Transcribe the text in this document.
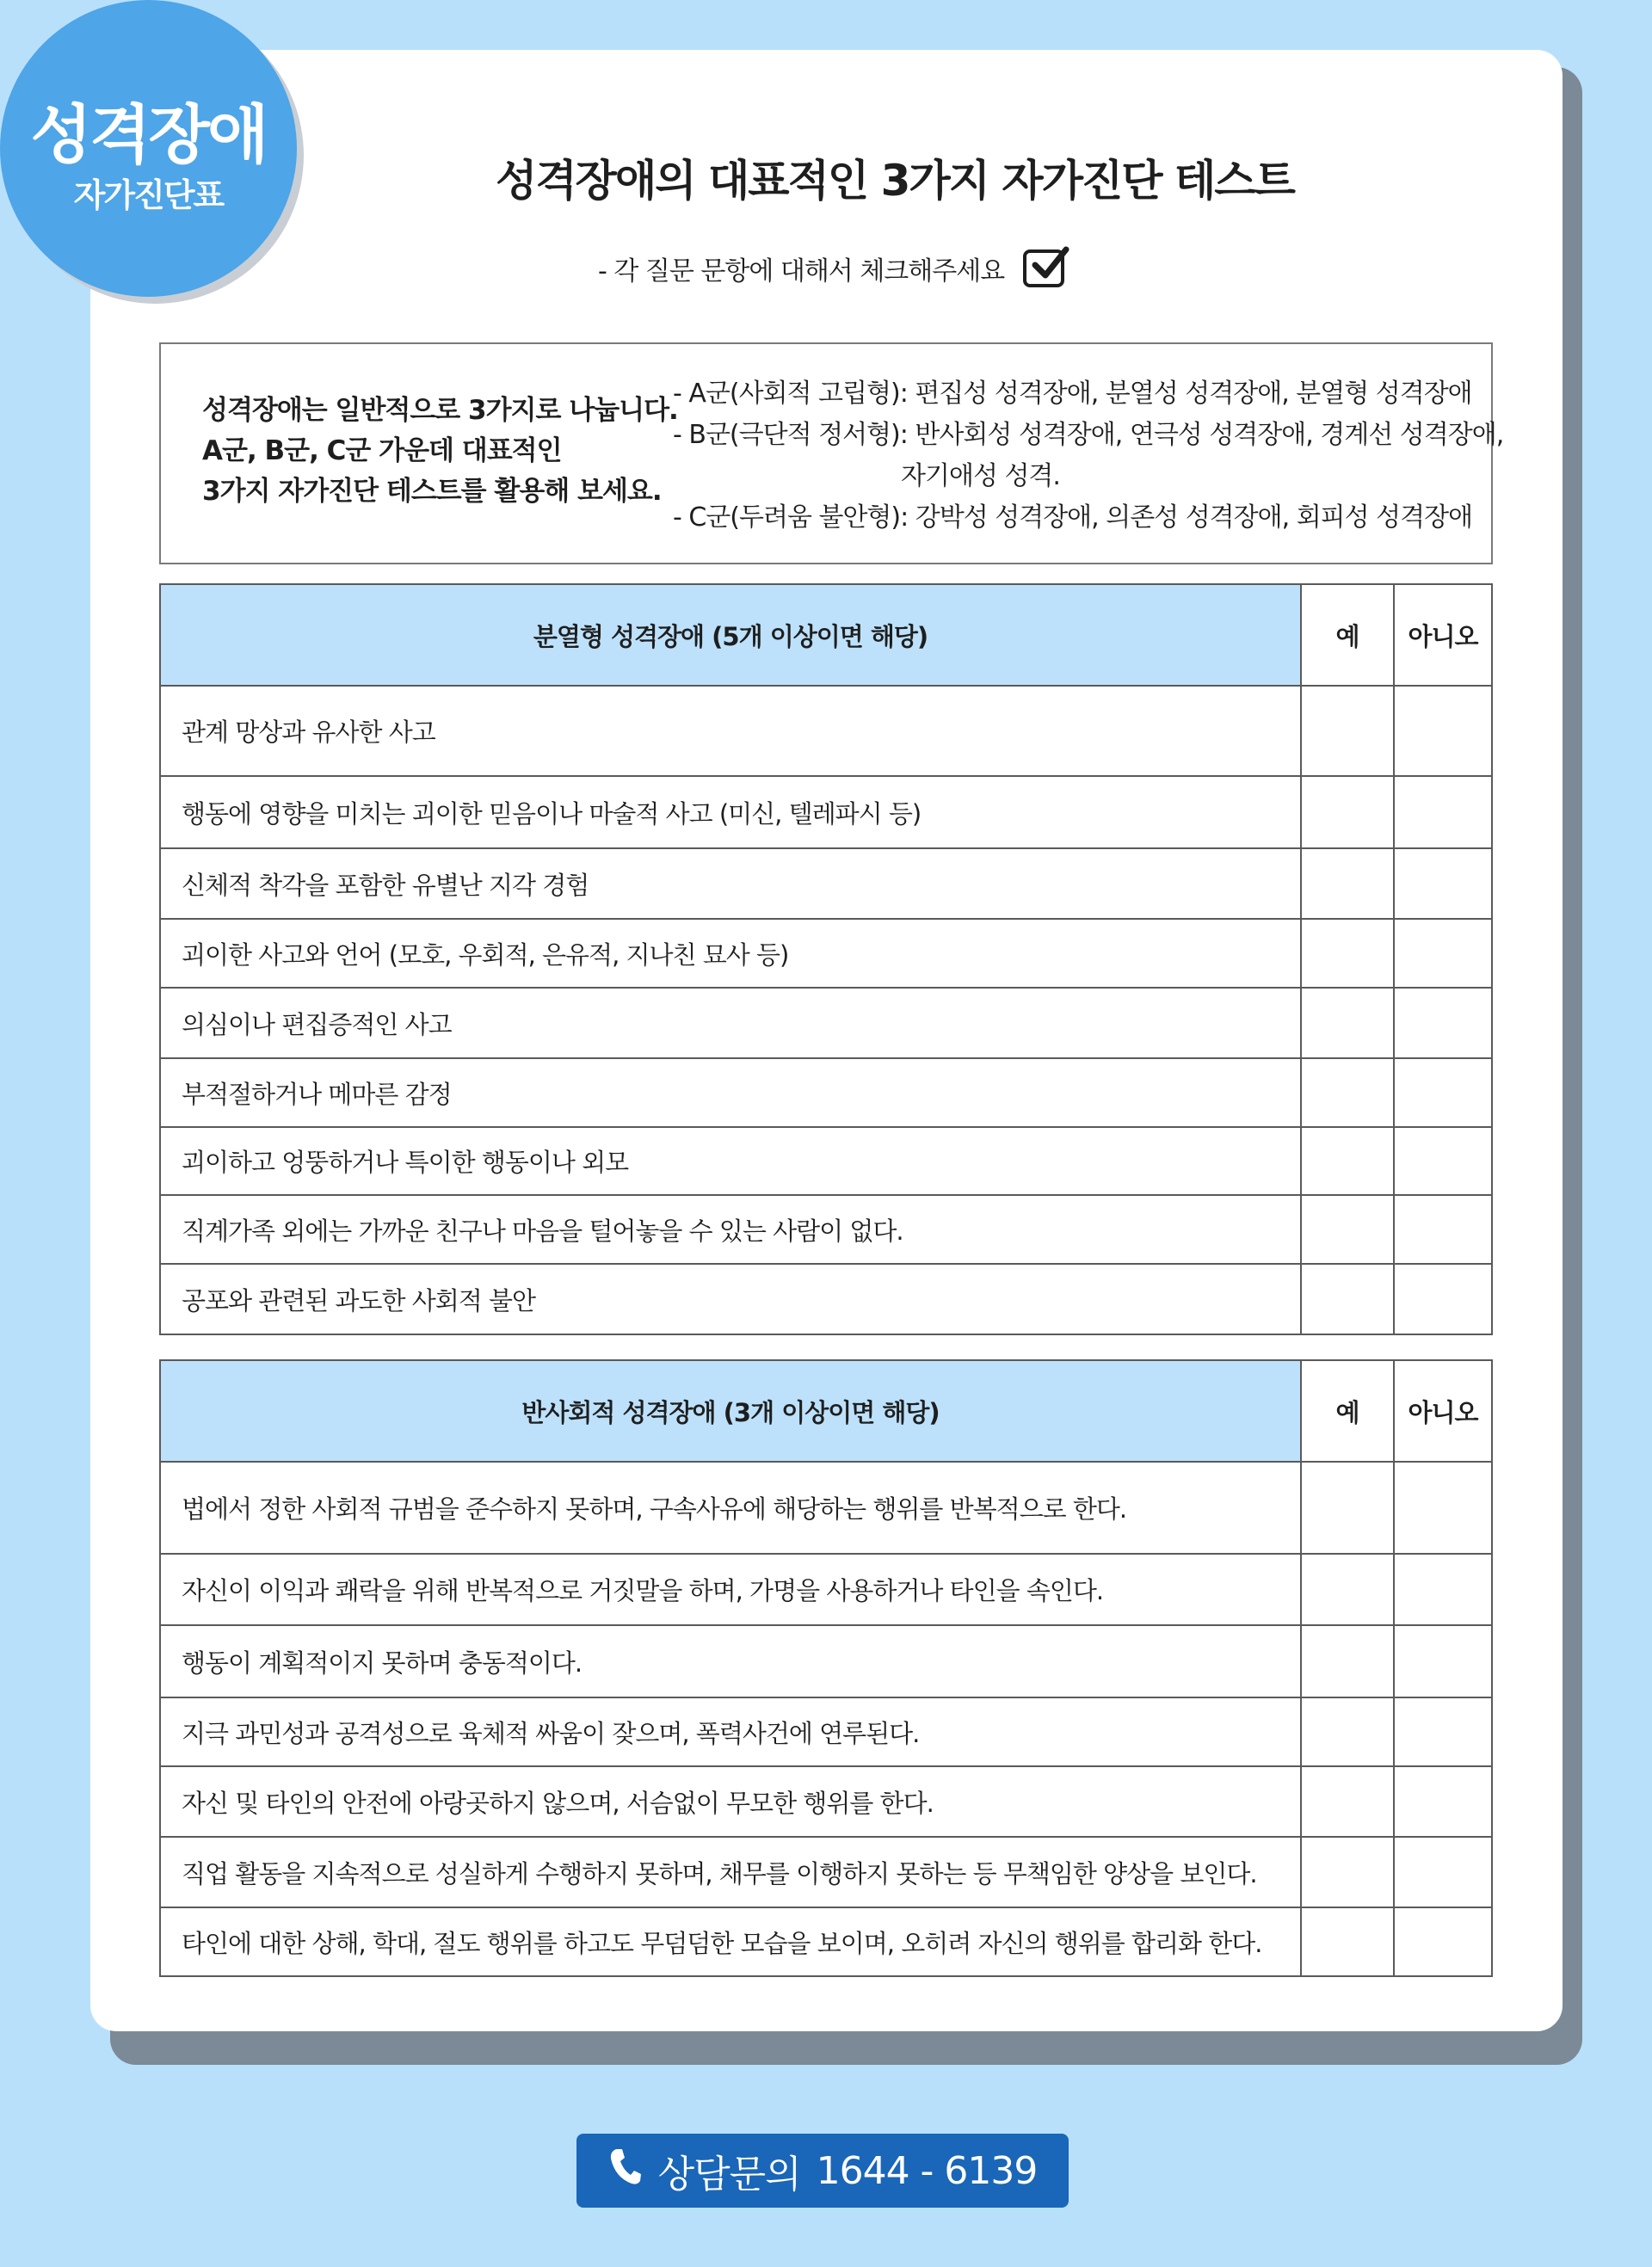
성격장애
자가진단표	성격장애의 대표적인 3가지 자가진단 테스트
- 각 질문 문항에 대해서 체크해주세요
성격장애는 일반적으로 3가지로 나눕니다.
A군, B군, C군 가운데 대표적인
3가지 자가진단 테스트를 활용해 보세요.
- A군(사회적 고립형): 편집성 성격장애, 분열성 성격장애, 분열형 성격장애
- B군(극단적 정서형): 반사회성 성격장애, 연극성 성격장애, 경계선 성격장애,
자기애성 성격.
- C군(두려움 불안형): 강박성 성격장애, 의존성 성격장애, 회피성 성격장애
분열형 성격장애 (5개 이상이면 해당)	예	아니오
관계 망상과 유사한 사고		
행동에 영향을 미치는 괴이한 믿음이나 마술적 사고 (미신, 텔레파시 등)		
신체적 착각을 포함한 유별난 지각 경험		
괴이한 사고와 언어 (모호, 우회적, 은유적, 지나친 묘사 등)		
의심이나 편집증적인 사고		
부적절하거나 메마른 감정		
괴이하고 엉뚱하거나 특이한 행동이나 외모		
직계가족 외에는 가까운 친구나 마음을 털어놓을 수 있는 사람이 없다.		
공포와 관련된 과도한 사회적 불안		
반사회적 성격장애 (3개 이상이면 해당)	예	아니오
법에서 정한 사회적 규범을 준수하지 못하며, 구속사유에 해당하는 행위를 반복적으로 한다.		
자신이 이익과 쾌락을 위해 반복적으로 거짓말을 하며, 가명을 사용하거나 타인을 속인다.		
행동이 계획적이지 못하며 충동적이다.		
지극 과민성과 공격성으로 육체적 싸움이 잦으며, 폭력사건에 연루된다.		
자신 및 타인의 안전에 아랑곳하지 않으며, 서슴없이 무모한 행위를 한다.		
직업 활동을 지속적으로 성실하게 수행하지 못하며, 채무를 이행하지 못하는 등 무책임한 양상을 보인다.		
타인에 대한 상해, 학대, 절도 행위를 하고도 무덤덤한 모습을 보이며, 오히려 자신의 행위를 합리화 한다.		
상담문의 1644 - 6139
